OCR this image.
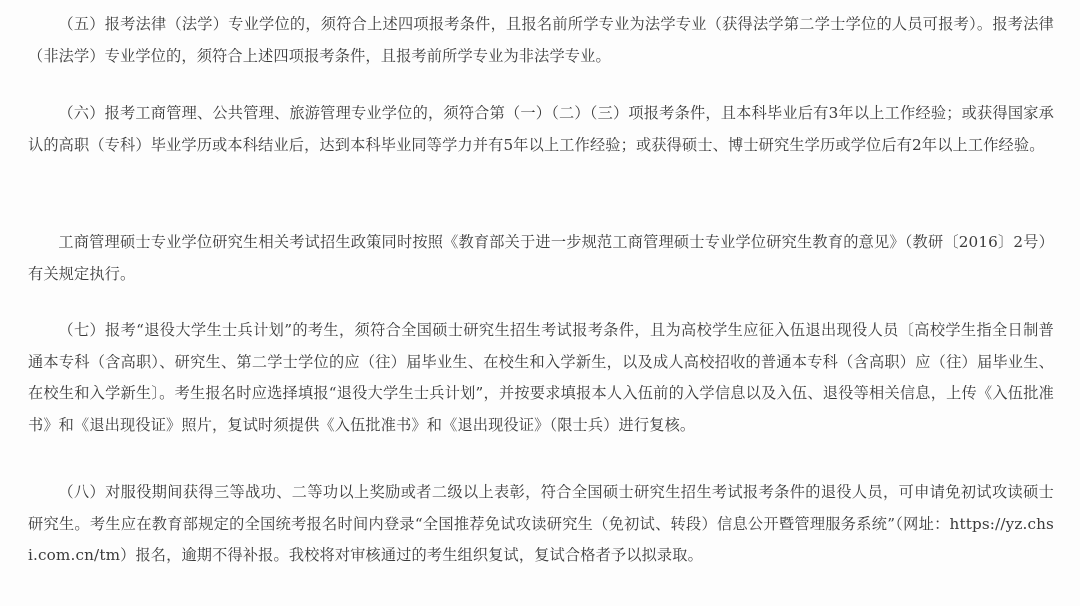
（五）报考法律（法学）专业学位的，须符合上述四项报考条件，且报名前所学专业为法学专业（获得法学第二学士学位的人员可报考）。报考法律（非法学）专业学位的，须符合上述四项报考条件，且报考前所学专业为非法学专业。

（六）报考工商管理、公共管理、旅游管理专业学位的，须符合第（一）（二）（三）项报考条件，且本科毕业后有3年以上工作经验；或获得国家承认的高职（专科）毕业学历或本科结业后，达到本科毕业同等学力并有5年以上工作经验；或获得硕士、博士研究生学历或学位后有2年以上工作经验。

工商管理硕士专业学位研究生相关考试招生政策同时按照《教育部关于进一步规范工商管理硕士专业学位研究生教育的意见》（教研〔2016〕2号）有关规定执行。

（七）报考“退役大学生士兵计划”的考生，须符合全国硕士研究生招生考试报考条件，且为高校学生应征入伍退出现役人员〔高校学生指全日制普通本专科（含高职）、研究生、第二学士学位的应（往）届毕业生、在校生和入学新生，以及成人高校招收的普通本专科（含高职）应（往）届毕业生、在校生和入学新生〕。考生报名时应选择填报“退役大学生士兵计划”，并按要求填报本人入伍前的入学信息以及入伍、退役等相关信息，上传《入伍批准书》和《退出现役证》照片，复试时须提供《入伍批准书》和《退出现役证》（限士兵）进行复核。

（八）对服役期间获得三等战功、二等功以上奖励或者二级以上表彰，符合全国硕士研究生招生考试报考条件的退役人员，可申请免初试攻读硕士研究生。考生应在教育部规定的全国统考报名时间内登录“全国推荐免试攻读研究生（免初试、转段）信息公开暨管理服务系统”（网址：https://yz.chsi.com.cn/tm）报名，逾期不得补报。我校将对审核通过的考生组织复试，复试合格者予以拟录取。
